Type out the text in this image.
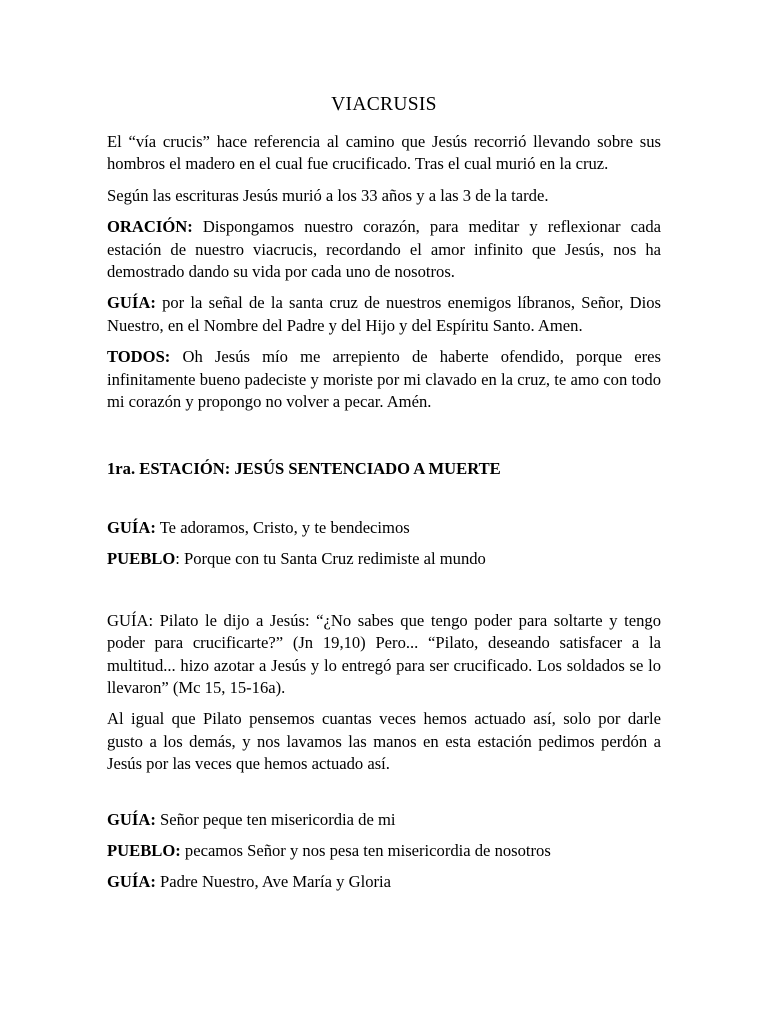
VIACRUSIS

El “vía crucis” hace referencia al camino que Jesús recorrió llevando sobre sus hombros el madero en el cual fue crucificado. Tras el cual murió en la cruz.

Según las escrituras Jesús murió a los 33 años y a las 3 de la tarde.

ORACIÓN: Dispongamos nuestro corazón, para meditar y reflexionar cada estación de nuestro viacrucis, recordando el amor infinito que Jesús, nos ha demostrado dando su vida por cada uno de nosotros.

GUÍA: por la señal de la santa cruz de nuestros enemigos líbranos, Señor, Dios Nuestro, en el Nombre del Padre y del Hijo y del Espíritu Santo. Amen.

TODOS: Oh Jesús mío me arrepiento de haberte ofendido, porque eres infinitamente bueno padeciste y moriste por mi clavado en la cruz, te amo con todo mi corazón y propongo no volver a pecar. Amén.

1ra. ESTACIÓN: JESÚS SENTENCIADO A MUERTE

GUÍA: Te adoramos, Cristo, y te bendecimos

PUEBLO: Porque con tu Santa Cruz redimiste al mundo

GUÍA: Pilato le dijo a Jesús: “¿No sabes que tengo poder para soltarte y tengo poder para crucificarte?” (Jn 19,10) Pero... “Pilato, deseando satisfacer a la multitud... hizo azotar a Jesús y lo entregó para ser crucificado. Los soldados se lo llevaron” (Mc 15, 15-16a).

Al igual que Pilato pensemos cuantas veces hemos actuado así, solo por darle gusto a los demás, y nos lavamos las manos en esta estación pedimos perdón a Jesús por las veces que hemos actuado así.

GUÍA: Señor peque ten misericordia de mi

PUEBLO: pecamos Señor y nos pesa ten misericordia de nosotros

GUÍA: Padre Nuestro, Ave María y Gloria
